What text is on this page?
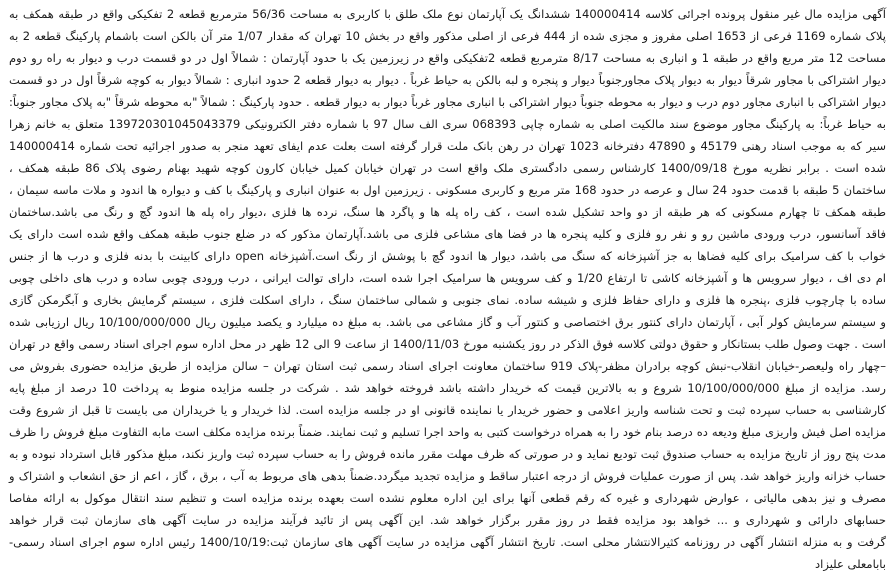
آگهی مزایده مال غیر منقول پرونده اجرائی کلاسه 140000414 ششدانگ یک آپارتمان نوع ملک طلق با کاربری به مساحت 56/36 مترمربع قطعه 2 تفکیکی واقع در طبقه همکف به
پلاک شماره 1169 فرعی از 1653 اصلی مفروز و مجزی شده از 444 فرعی از اصلی مذکور واقع در بخش 10 تهران که مقدار 1/07 متر آن بالکن است باشمام پارکینگ قطعه 2 به
مساحت 12 متر مربع واقع در طبقه 1 و انباری به مساحت 8/17 مترمربع قطعه 2تفکیکی واقع در زیرزمین یک با حدود آپارتمان : شمالاً اول در دو قسمت درب و دیوار به راه رو دوم
دیوار اشتراکی با مجاور شرقاً دیوار به دیوار پلاک مجاورجنوباً دیوار و پنجره و لبه بالکن به حیاط غرباً . دیوار به دیوار قطعه 2 حدود انباری : شمالاً دیوار به کوچه شرقاً اول در دو قسمت
دیوار اشتراکی با انباری مجاور دوم درب و دیوار به محوطه جنوباً دیوار اشتراکی با انباری مجاور غرباً دیوار به دیوار قطعه . حدود پارکینگ : شمالاً "به محوطه شرقاً "به پلاک مجاور جنوباً:
به حیاط غرباً: به پارکینگ مجاور موضوع سند مالکیت اصلی به شماره چاپی 068393 سری الف سال 97 با شماره دفتر الکترونیکی 139720301045043379 متعلق به خانم زهرا
سیر که به موجب اسناد رهنی 45179 و 47890 دفترخانه 1023 تهران در رهن بانک ملت قرار گرفته است بعلت عدم ایفای تعهد منجر به صدور اجرائیه تحت شماره 140000414
شده است . برابر نظریه مورخ 1400/09/18 کارشناس رسمی دادگستری ملک واقع است در تهران خیابان کمیل خیابان کارون کوچه شهید بهنام رضوی پلاک 86 طبقه همکف ،
ساختمان 5 طبقه با قدمت حدود 24 سال و عرصه در حدود 168 متر مربع و کاربری مسکونی . زیرزمین اول به عنوان انباری و پارکینگ با کف و دیواره ها اندود و ملات ماسه سیمان ،
طبقه همکف تا چهارم مسکونی که هر طبقه از دو واحد تشکیل شده است ، کف راه پله ها و پاگرد ها سنگ، نرده ها فلزی ،دیوار راه پله ها اندود گچ و رنگ می باشد.ساختمان
فاقد آسانسور، درب ورودی ماشین رو و نفر رو فلزی و کلیه پنجره ها در فضا های مشاعی فلزی می باشد.آپارتمان مذکور که در ضلع جنوب طبقه همکف واقع شده است دارای یک
خواب با کف سرامیک برای کلیه فضاها به جز آشپزخانه که سنگ می باشد، دیوار ها اندود گچ با پوشش از رنگ است.آشپزخانه open دارای کابینت با بدنه فلزی و درب ها از جنس
ام دی اف ، دیوار سرویس ها و آشپزخانه کاشی تا ارتفاع 1/20 و کف سرویس ها سرامیک اجرا شده است، دارای توالت ایرانی ، درب ورودی چوبی ساده و درب های داخلی چوبی
ساده با چارچوب فلزی ،پنجره ها فلزی و دارای حفاظ فلزی و شیشه ساده. نمای جنوبی و شمالی ساختمان سنگ ، دارای اسکلت فلزی ، سیستم گرمایش بخاری و آبگرمکن گازی
و سیستم سرمایش کولر آبی ، آپارتمان دارای کنتور برق اختصاصی و کنتور آب و گاز مشاعی می باشد. به مبلغ ده میلیارد و یکصد میلیون ریال 10/100/000/000 ریال ارزیابی شده
است . جهت وصول طلب بستانکار و حقوق دولتی کلاسه فوق الذکر در روز یکشنبه مورخ 1400/11/03 از ساعت 9 الی 12 ظهر در محل اداره سوم اجرای اسناد رسمی واقع در تهران
–چهار راه ولیعصر-خیابان انقلاب-نبش کوچه برادران مظفر-پلاک 919 ساختمان معاونت اجرای اسناد رسمی ثبت استان تهران – سالن مزایده از طریق مزایده حضوری بفروش می
رسد. مزایده از مبلغ 10/100/000/000 شروع و به بالاترین قیمت که خریدار داشته باشد فروخته خواهد شد . شرکت در جلسه مزایده منوط به پرداخت 10 درصد از مبلغ پایه
کارشناسی به حساب سپرده ثبت و تحت شناسه واریز اعلامی و حضور خریدار یا نماینده قانونی او در جلسه مزایده است. لذا خریدار و یا خریداران می بایست تا قبل از شروع وقت
مزایده اصل فیش واریزی مبلغ ودیعه ده درصد بنام خود را به همراه درخواست کتبی به واحد اجرا تسلیم و ثبت نمایند. ضمناً برنده مزایده مکلف است مابه التفاوت مبلغ فروش را ظرف
مدت پنج روز از تاریخ مزایده به حساب صندوق ثبت تودیع نماید و در صورتی که ظرف مهلت مقرر مانده فروش را به حساب سپرده ثبت واریز نکند، مبلغ مذکور قابل استرداد نبوده و به
حساب خزانه واریز خواهد شد. پس از صورت عملیات فروش از درجه اعتبار ساقط و مزایده تجدید میگردد.ضمناً بدهی های مربوط به آب ، برق ، گاز ، اعم از حق انشعاب و اشتراک و
مصرف و نیز بدهی مالیاتی ، عوارض شهرداری و غیره که رقم قطعی آنها برای این اداره معلوم نشده است بعهده برنده مزایده است و تنظیم سند انتقال موکول به ارائه مفاصا
حسابهای دارائی و شهرداری و ... خواهد بود مزایده فقط در روز مقرر برگزار خواهد شد. این آگهی پس از تائید فرآیند مزایده در سایت آگهی های سازمان ثبت قرار خواهد
گرفت و به منزله انتشار آگهی در روزنامه کثیرالانتشار محلی است. تاریخ انتشار آگهی مزایده در سایت آگهی های سازمان ثبت:1400/10/19 رئیس اداره سوم اجرای اسناد رسمی-
بابامعلی علیزاد
